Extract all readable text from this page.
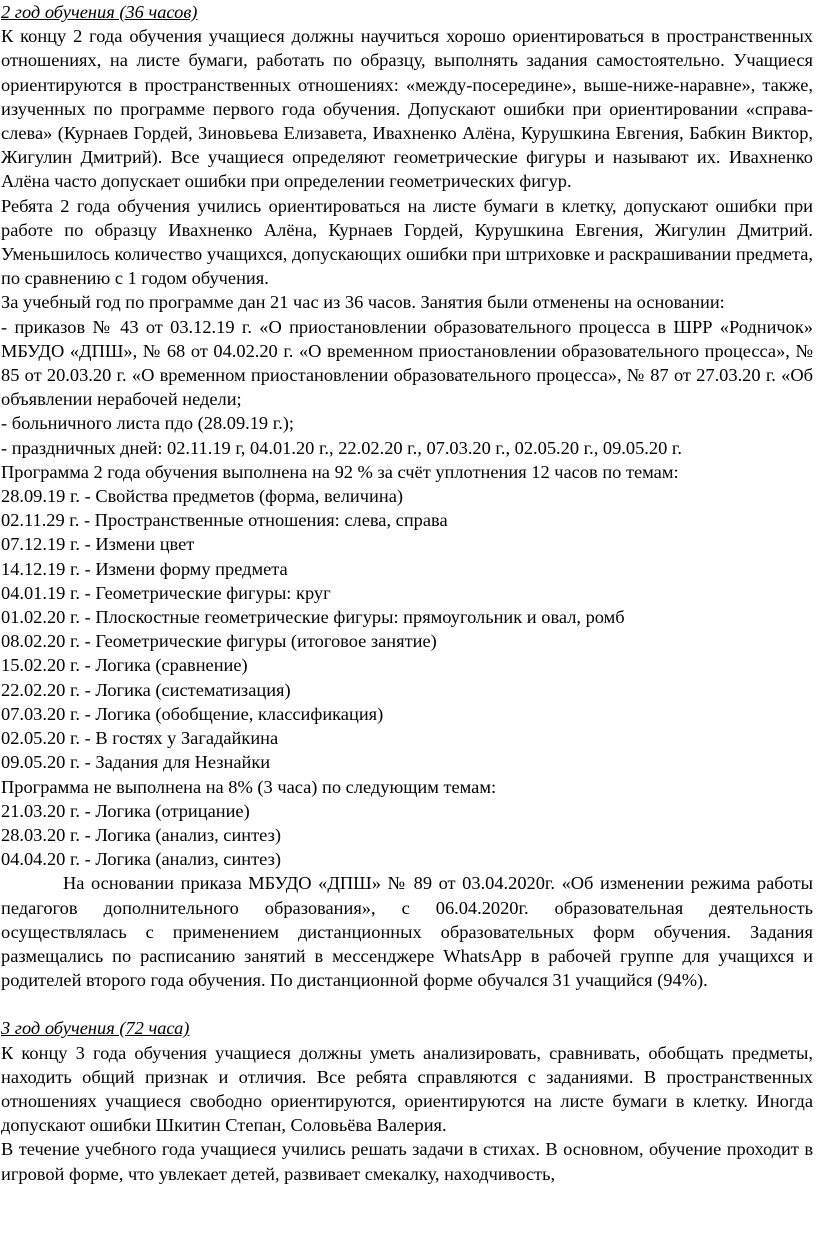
2 год обучения (36 часов)

К концу 2 года обучения учащиеся должны научиться хорошо ориентироваться в пространственных отношениях, на листе бумаги, работать по образцу, выполнять задания самостоятельно. Учащиеся ориентируются в пространственных отношениях: «между-посередине», выше-ниже-наравне», также, изученных по программе первого года обучения. Допускают ошибки при ориентировании «справа-слева» (Курнаев Гордей, Зиновьева Елизавета, Ивахненко Алёна, Курушкина Евгения, Бабкин Виктор, Жигулин Дмитрий). Все учащиеся определяют геометрические фигуры и называют их. Ивахненко Алёна часто допускает ошибки при определении геометрических фигур.

Ребята 2 года обучения учились ориентироваться на листе бумаги в клетку, допускают ошибки при работе по образцу Ивахненко Алёна, Курнаев Гордей, Курушкина Евгения, Жигулин Дмитрий. Уменьшилось количество учащихся, допускающих ошибки при штриховке и раскрашивании предмета, по сравнению с 1 годом обучения.

За учебный год по программе дан 21 час из 36 часов. Занятия были отменены на основании:

- приказов № 43 от 03.12.19 г. «О приостановлении образовательного процесса в ШРР «Родничок» МБУДО «ДПШ», № 68 от 04.02.20 г. «О временном приостановлении образовательного процесса», № 85 от 20.03.20 г. «О временном приостановлении образовательного процесса», № 87 от 27.03.20 г. «Об объявлении нерабочей недели;

- больничного листа пдо (28.09.19 г.);

- праздничных дней: 02.11.19 г, 04.01.20 г., 22.02.20 г., 07.03.20 г., 02.05.20 г., 09.05.20 г.

Программа 2 года обучения выполнена на 92 % за счёт уплотнения 12 часов по темам:

28.09.19 г. - Свойства предметов (форма, величина)

02.11.29 г. - Пространственные отношения: слева, справа

07.12.19 г. - Измени цвет

14.12.19 г. - Измени форму предмета

04.01.19 г. - Геометрические фигуры: круг

01.02.20 г. - Плоскостные геометрические фигуры: прямоугольник и овал, ромб

08.02.20 г. - Геометрические фигуры (итоговое занятие)

15.02.20 г. - Логика (сравнение)

22.02.20 г. - Логика (систематизация)

07.03.20 г. - Логика (обобщение, классификация)

02.05.20 г. - В гостях у Загадайкина

09.05.20 г. - Задания для Незнайки

Программа не выполнена на 8% (3 часа) по следующим темам:

21.03.20 г. - Логика (отрицание)

28.03.20 г. - Логика (анализ, синтез)

04.04.20 г. - Логика (анализ, синтез)

На основании приказа МБУДО «ДПШ» № 89 от 03.04.2020г. «Об изменении режима работы педагогов дополнительного образования», с 06.04.2020г. образовательная деятельность осуществлялась с применением дистанционных образовательных форм обучения. Задания размещались по расписанию занятий в мессенджере WhatsApp в рабочей группе для учащихся и родителей второго года обучения. По дистанционной форме обучался 31 учащийся (94%).

3 год обучения (72 часа)

К концу 3 года обучения учащиеся должны уметь анализировать, сравнивать, обобщать предметы, находить общий признак и отличия. Все ребята справляются с заданиями. В пространственных отношениях учащиеся свободно ориентируются, ориентируются на листе бумаги в клетку. Иногда допускают ошибки Шкитин Степан, Соловьёва Валерия.

В течение учебного года учащиеся учились решать задачи в стихах. В основном, обучение проходит в игровой форме, что увлекает детей, развивает смекалку, находчивость,
